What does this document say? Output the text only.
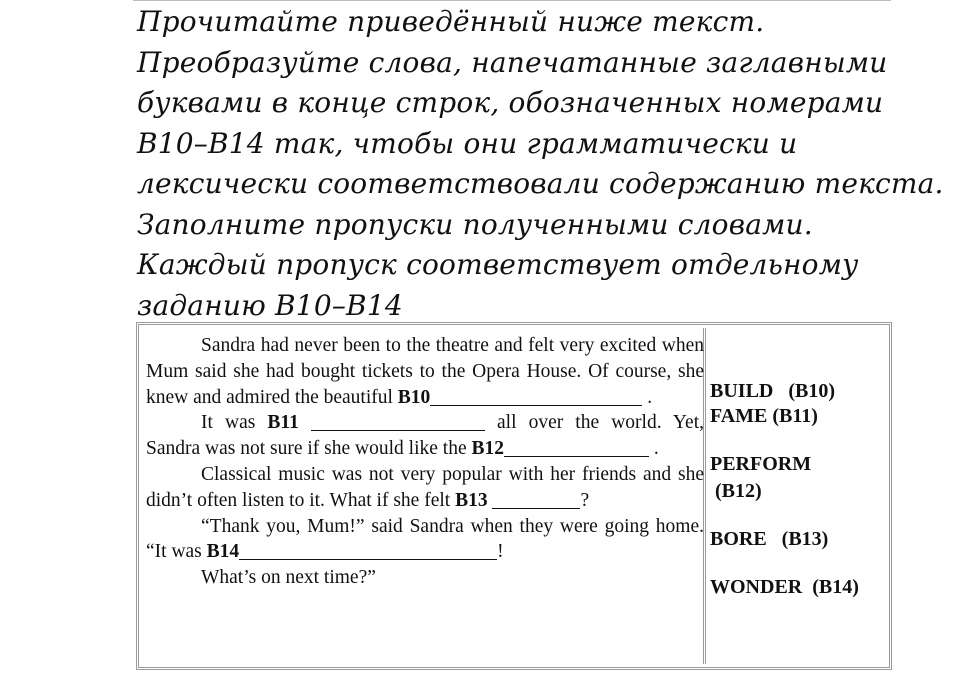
Прочитайте приведённый ниже текст.
Преобразуйте слова, напечатанные заглавными
буквами в конце строк, обозначенных номерами
B10–B14 так, чтобы они грамматически и
лексически соответствовали содержанию текста.
Заполните пропуски полученными словами.
Каждый пропуск соответствует отдельному
заданию B10–B14

Sandra had never been to the theatre and felt very excited when Mum said she had bought tickets to the Opera House. Of course, she knew and admired the beautiful B10	.

It was B11	all over the world. Yet, Sandra was not sure if she would like the B12	.

Classical music was not very popular with her friends and she didn’t often listen to it. What if she felt B13	?

“Thank you, Mum!” said Sandra when they were going home. “It was B14	!

What’s on next time?”

BUILD   (B10)
FAME (B11)
PERFORM
(B12)
BORE   (B13)
WONDER  (B14)
